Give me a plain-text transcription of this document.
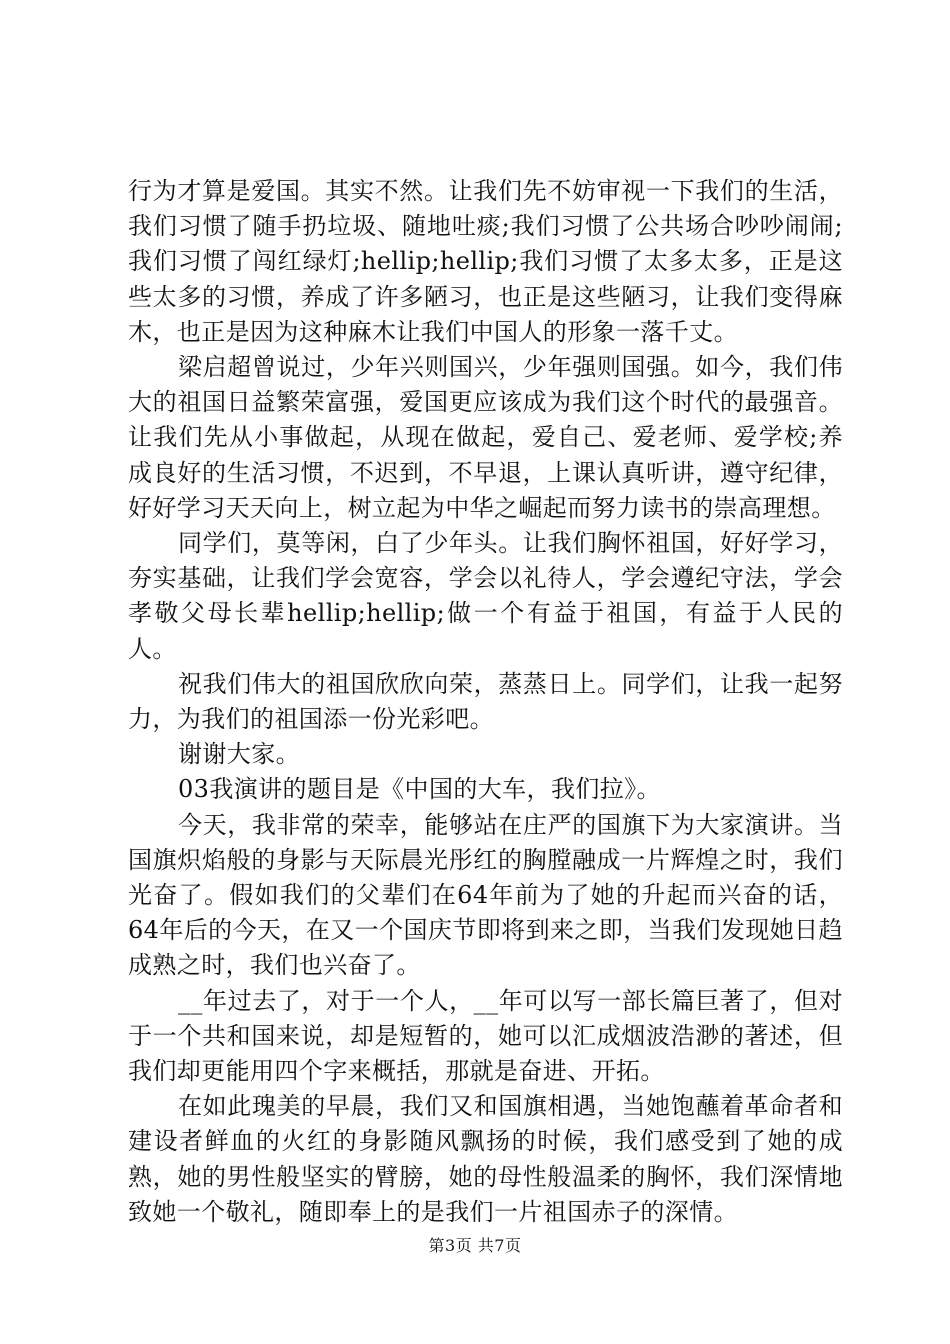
行为才算是爱国。其实不然。让我们先不妨审视一下我们的生活，我们习惯了随手扔垃圾、随地吐痰;我们习惯了公共场合吵吵闹闹;我们习惯了闯红绿灯;hellip;hellip;我们习惯了太多太多，正是这些太多的习惯，养成了许多陋习，也正是这些陋习，让我们变得麻木，也正是因为这种麻木让我们中国人的形象一落千丈。

梁启超曾说过，少年兴则国兴，少年强则国强。如今，我们伟大的祖国日益繁荣富强，爱国更应该成为我们这个时代的最强音。让我们先从小事做起，从现在做起，爱自己、爱老师、爱学校;养成良好的生活习惯，不迟到，不早退，上课认真听讲，遵守纪律，好好学习天天向上，树立起为中华之崛起而努力读书的崇高理想。

同学们，莫等闲，白了少年头。让我们胸怀祖国，好好学习，夯实基础，让我们学会宽容，学会以礼待人，学会遵纪守法，学会孝敬父母长辈hellip;hellip;做一个有益于祖国，有益于人民的人。

祝我们伟大的祖国欣欣向荣，蒸蒸日上。同学们，让我一起努力，为我们的祖国添一份光彩吧。

谢谢大家。

03我演讲的题目是《中国的大车，我们拉》。

今天，我非常的荣幸，能够站在庄严的国旗下为大家演讲。当国旗炽焰般的身影与天际晨光彤红的胸膛融成一片辉煌之时，我们光奋了。假如我们的父辈们在64年前为了她的升起而兴奋的话，64年后的今天，在又一个国庆节即将到来之即，当我们发现她日趋成熟之时，我们也兴奋了。

__年过去了，对于一个人，__年可以写一部长篇巨著了，但对于一个共和国来说，却是短暂的，她可以汇成烟波浩渺的著述，但我们却更能用四个字来概括，那就是奋进、开拓。

在如此瑰美的早晨，我们又和国旗相遇，当她饱蘸着革命者和建设者鲜血的火红的身影随风飘扬的时候，我们感受到了她的成熟，她的男性般坚实的臂膀，她的母性般温柔的胸怀，我们深情地致她一个敬礼，随即奉上的是我们一片祖国赤子的深情。

第3页 共7页
